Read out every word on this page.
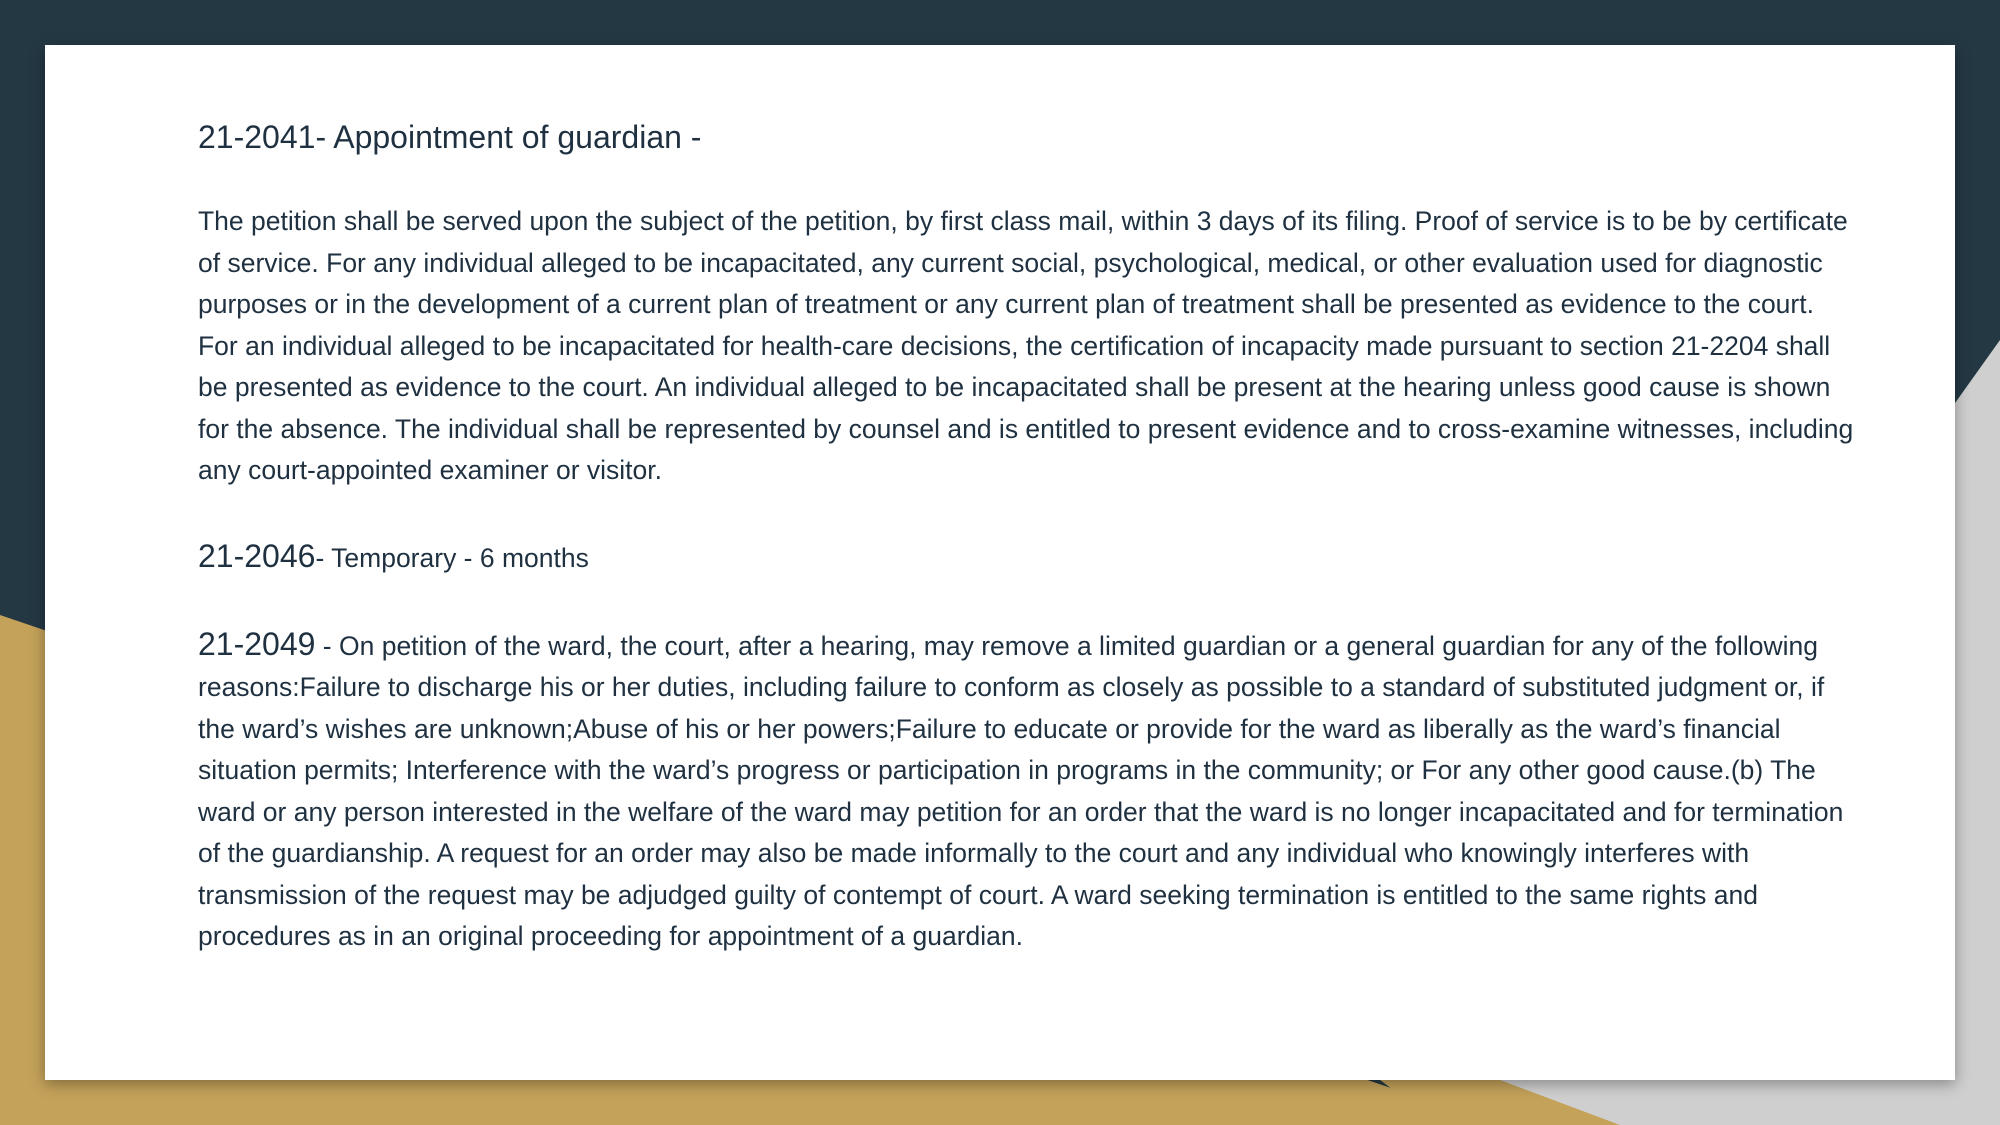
21-2041- Appointment of guardian -

The petition shall be served upon the subject of the petition, by first class mail, within 3 days of its filing. Proof of service is to be by certificate of service. For any individual alleged to be incapacitated, any current social, psychological, medical, or other evaluation used for diagnostic purposes or in the development of a current plan of treatment or any current plan of treatment shall be presented as evidence to the court. For an individual alleged to be incapacitated for health-care decisions, the certification of incapacity made pursuant to section 21-2204 shall be presented as evidence to the court. An individual alleged to be incapacitated shall be present at the hearing unless good cause is shown for the absence. The individual shall be represented by counsel and is entitled to present evidence and to cross-examine witnesses, including any court-appointed examiner or visitor.

21-2046- Temporary - 6 months

21-2049 - On petition of the ward, the court, after a hearing, may remove a limited guardian or a general guardian for any of the following reasons:Failure to discharge his or her duties, including failure to conform as closely as possible to a standard of substituted judgment or, if the ward’s wishes are unknown;Abuse of his or her powers;Failure to educate or provide for the ward as liberally as the ward’s financial situation permits; Interference with the ward’s progress or participation in programs in the community; or For any other good cause.(b) The ward or any person interested in the welfare of the ward may petition for an order that the ward is no longer incapacitated and for termination of the guardianship. A request for an order may also be made informally to the court and any individual who knowingly interferes with transmission of the request may be adjudged guilty of contempt of court. A ward seeking termination is entitled to the same rights and procedures as in an original proceeding for appointment of a guardian.
